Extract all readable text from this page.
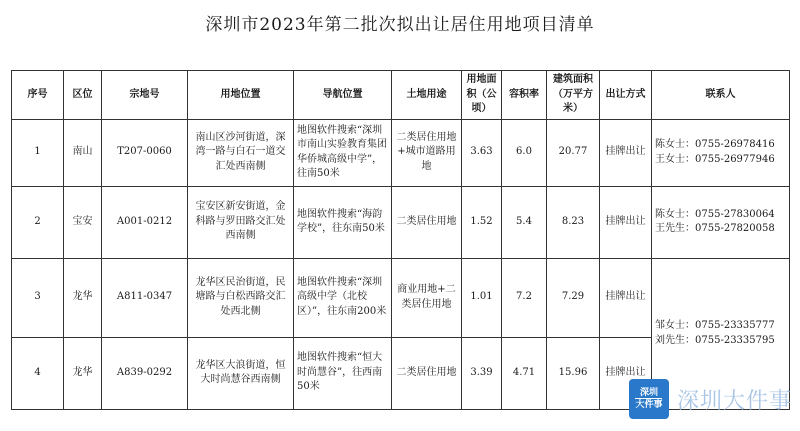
深圳市2023年第二批次拟出让居住用地项目清单
序号	区位	宗地号	用地位置	导航位置	土地用途	用地面积（公顷）	容积率	建筑面积（万平方米）	出让方式	联系人
1	南山	T207-0060	南山区沙河街道，深湾一路与白石一道交汇处西南侧	地图软件搜索“深圳市南山实验教育集团华侨城高级中学”，往南50米	二类居住用地+城市道路用地	3.63	6.0	20.77	挂牌出让	陈女士：0755-26978416
王女士：0755-26977946

2	宝安	A001-0212	宝安区新安街道，金科路与罗田路交汇处西南侧	地图软件搜索“海韵学校”，往东南50米	二类居住用地	1.52	5.4	8.23	挂牌出让	陈女士：0755-27830064
王先生：0755-27820058

3	龙华	A811-0347	龙华区民治街道，民塘路与白松西路交汇处西北侧	地图软件搜索“深圳高级中学（北校区）”，往东南200米	商业用地+二类居住用地	1.01	7.2	7.29	挂牌出让	邹女士：0755-23335777
刘先生：0755-23335795

4	龙华	A839-0292	龙华区大浪街道，恒大时尚慧谷西南侧	地图软件搜索“恒大时尚慧谷”，往西南50米	二类居住用地	3.39	4.71	15.96	挂牌出让	
深圳
大件事 深圳大件事
